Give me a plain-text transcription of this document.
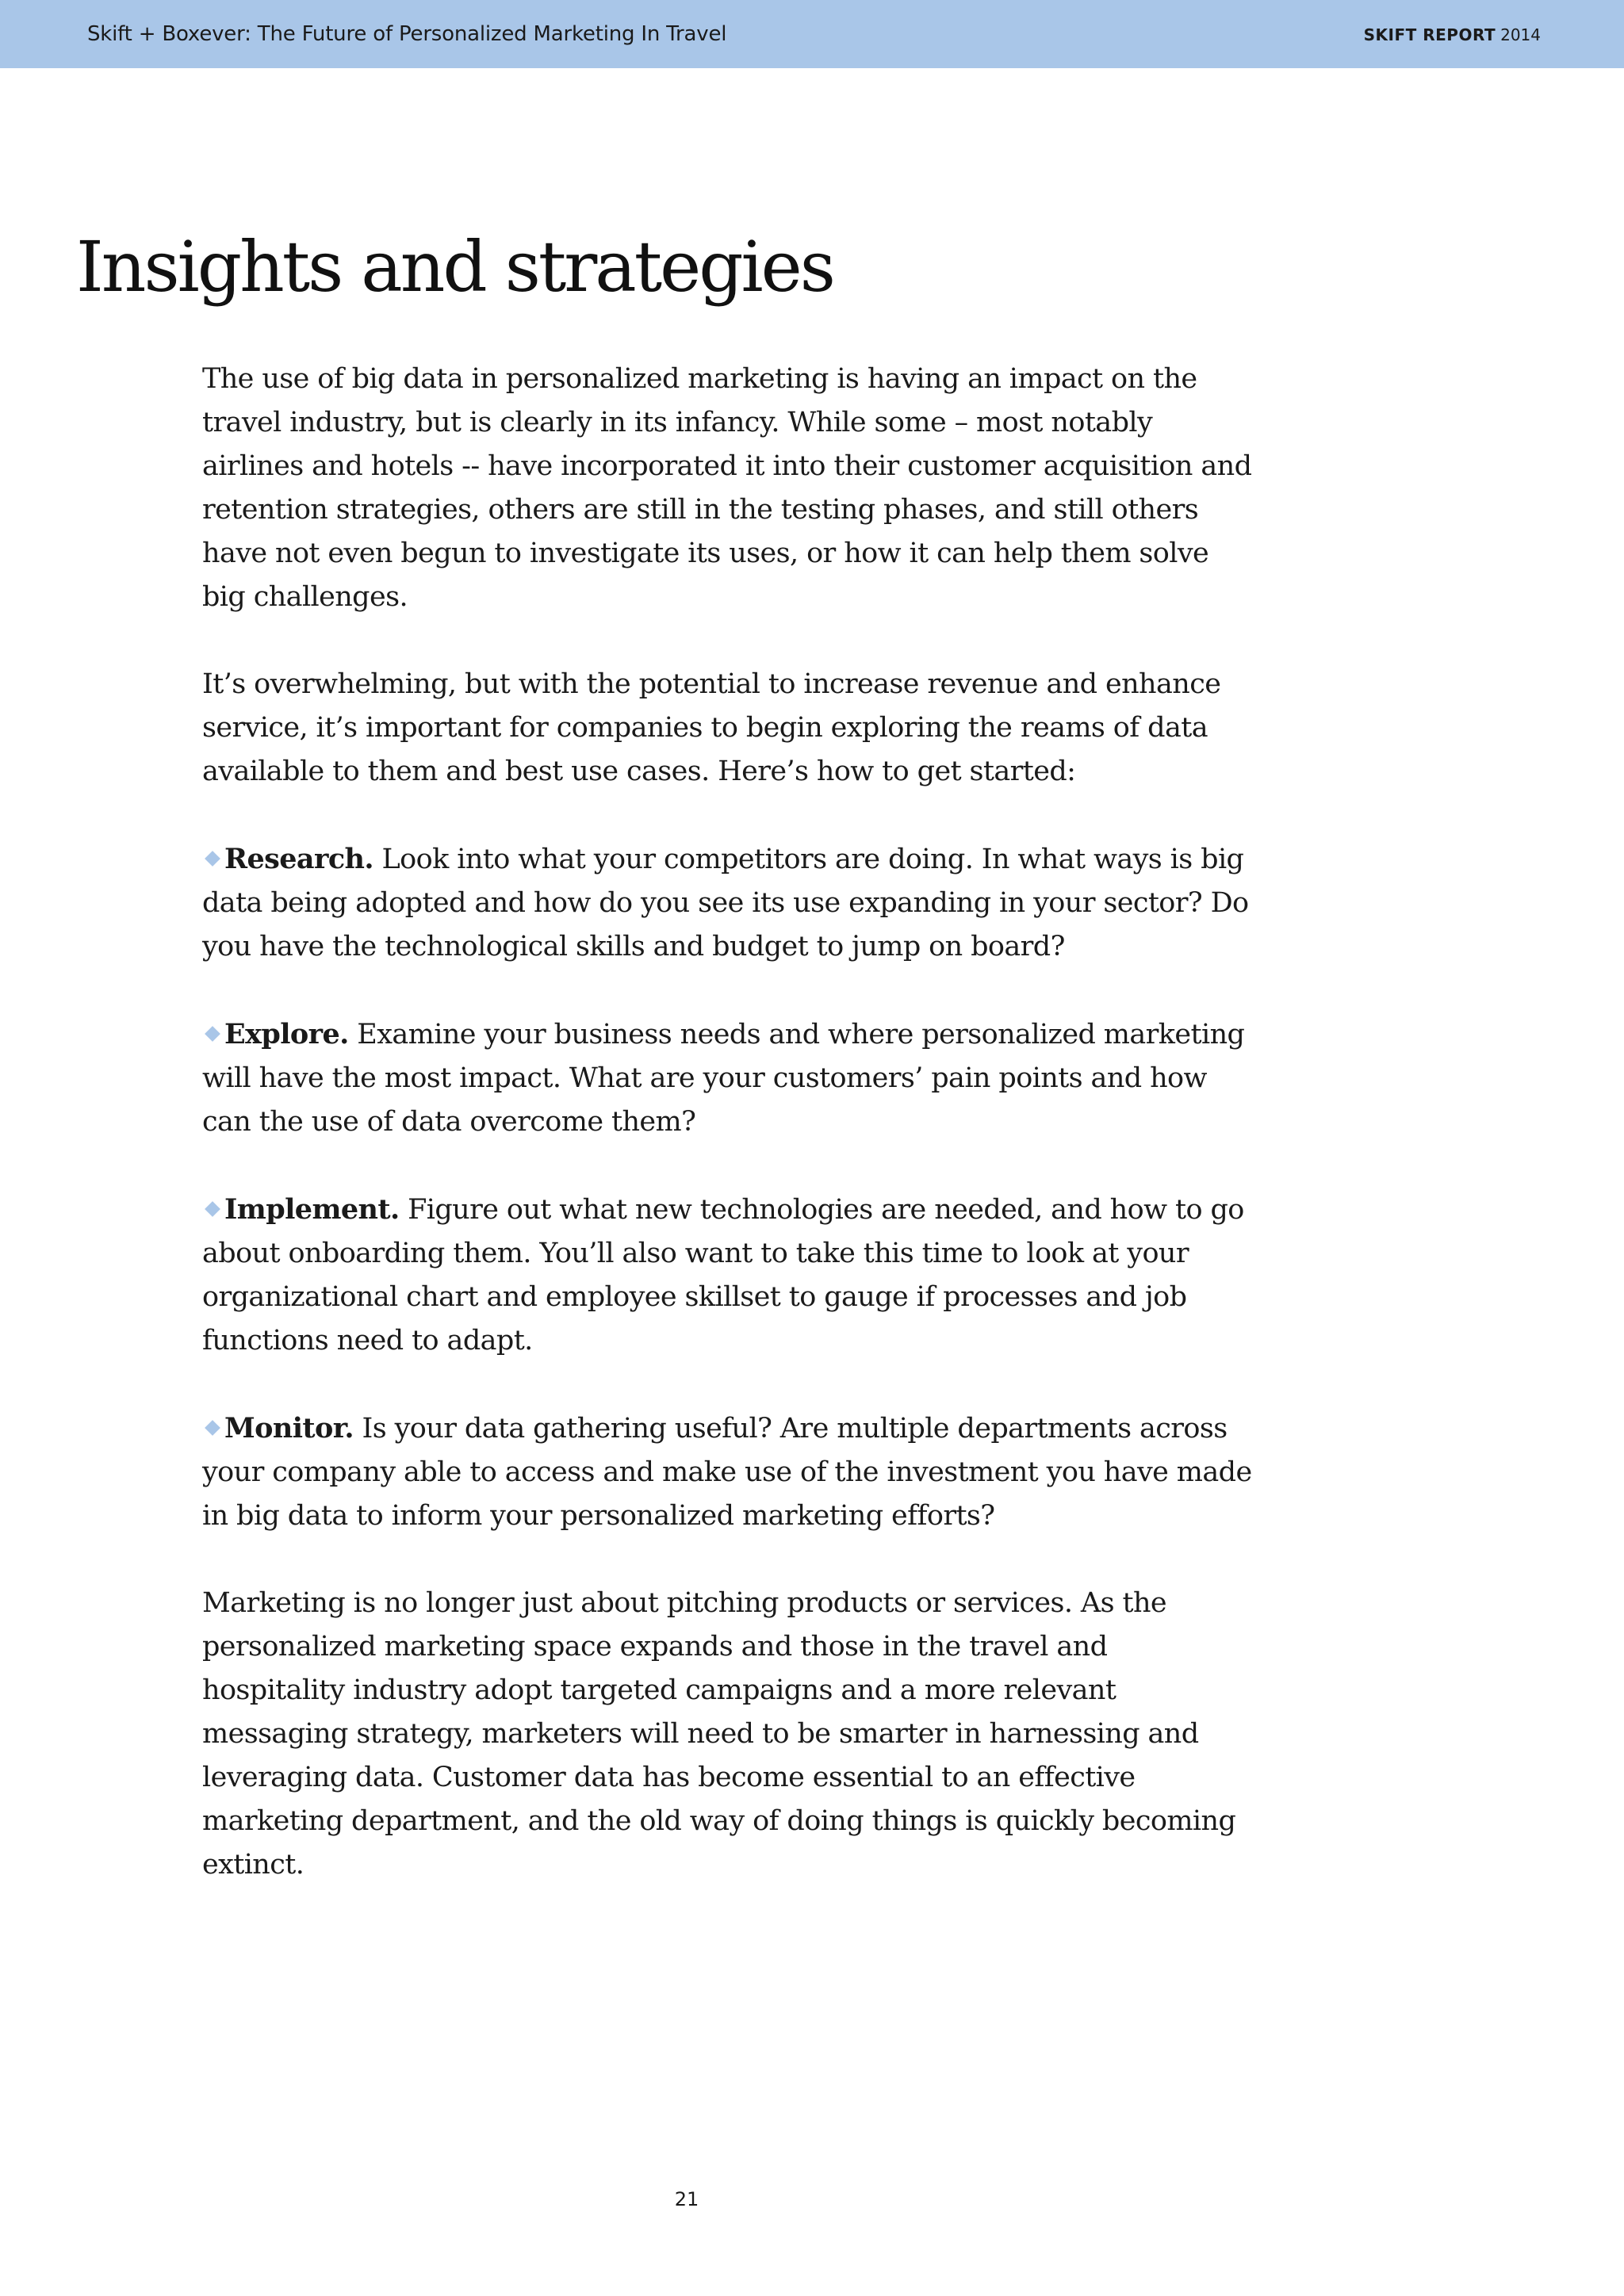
Skift + Boxever: The Future of Personalized Marketing In Travel	SKIFT REPORT 2014
Insights and strategies

The use of big data in personalized marketing is having an impact on the travel industry, but is clearly in its infancy. While some – most notably airlines and hotels -- have incorporated it into their customer acquisition and retention strategies, others are still in the testing phases, and still others have not even begun to investigate its uses, or how it can help them solve big challenges.

It’s overwhelming, but with the potential to increase revenue and enhance service, it’s important for companies to begin exploring the reams of data available to them and best use cases. Here’s how to get started:

Research. Look into what your competitors are doing. In what ways is big data being adopted and how do you see its use expanding in your sector? Do you have the technological skills and budget to jump on board?

Explore. Examine your business needs and where personalized marketing will have the most impact. What are your customers’ pain points and how can the use of data overcome them?

Implement. Figure out what new technologies are needed, and how to go about onboarding them. You’ll also want to take this time to look at your organizational chart and employee skillset to gauge if processes and job functions need to adapt.

Monitor. Is your data gathering useful? Are multiple departments across your company able to access and make use of the investment you have made in big data to inform your personalized marketing efforts?

Marketing is no longer just about pitching products or services. As the personalized marketing space expands and those in the travel and hospitality industry adopt targeted campaigns and a more relevant messaging strategy, marketers will need to be smarter in harnessing and leveraging data. Customer data has become essential to an effective marketing department, and the old way of doing things is quickly becoming extinct.

21
